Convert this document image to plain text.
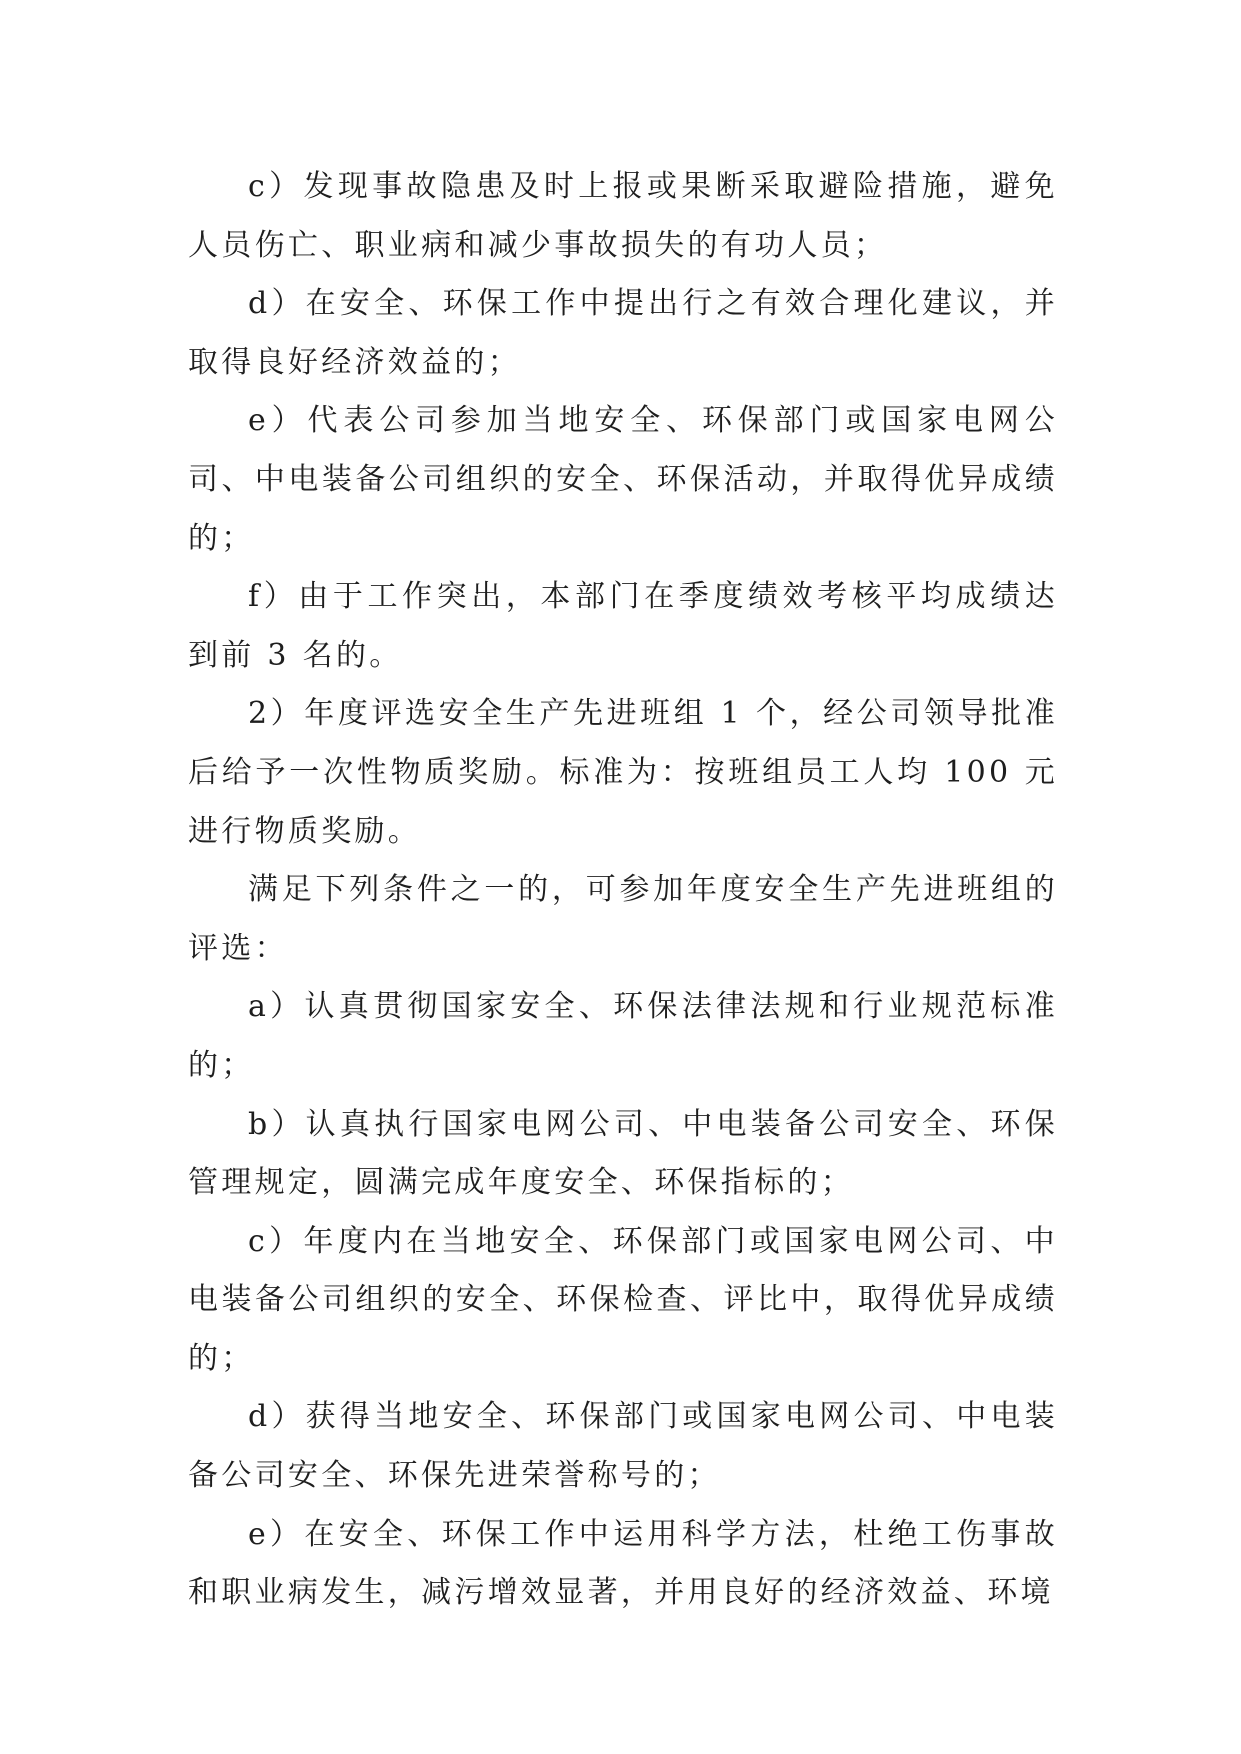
c）发现事故隐患及时上报或果断采取避险措施，避免人员伤亡、职业病和减少事故损失的有功人员；

d）在安全、环保工作中提出行之有效合理化建议，并取得良好经济效益的；

e）代表公司参加当地安全、环保部门或国家电网公司、中电装备公司组织的安全、环保活动，并取得优异成绩的；

f）由于工作突出，本部门在季度绩效考核平均成绩达到前 3 名的。

2）年度评选安全生产先进班组 1 个，经公司领导批准后给予一次性物质奖励。标准为：按班组员工人均 100 元进行物质奖励。

满足下列条件之一的，可参加年度安全生产先进班组的评选：

a）认真贯彻国家安全、环保法律法规和行业规范标准的；

b）认真执行国家电网公司、中电装备公司安全、环保管理规定，圆满完成年度安全、环保指标的；

c）年度内在当地安全、环保部门或国家电网公司、中电装备公司组织的安全、环保检查、评比中，取得优异成绩的；

d）获得当地安全、环保部门或国家电网公司、中电装备公司安全、环保先进荣誉称号的；

e）在安全、环保工作中运用科学方法，杜绝工伤事故和职业病发生，减污增效显著，并用良好的经济效益、环境
